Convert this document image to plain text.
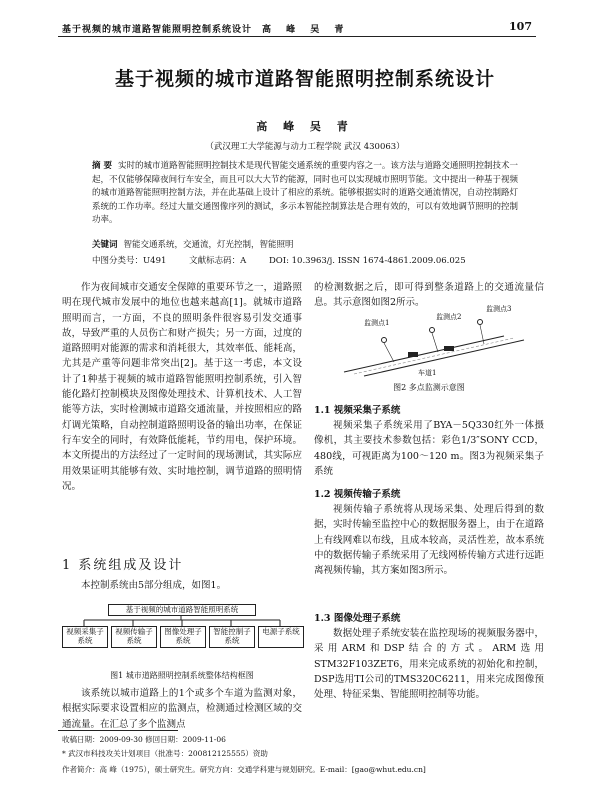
基于视频的城市道路智能照明控制系统设计 高 峰 吴 青	107
基于视频的城市道路智能照明控制系统设计
高 峰 吴 青
（武汉理工大学能源与动力工程学院 武汉 430063）
摘 要 实时的城市道路智能照明控制技术是现代智能交通系统的重要内容之一。该方法与道路交通照明控制技术一起，不仅能够保障夜间行车安全，而且可以大大节约能源，同时也可以实现城市照明节能。文中提出一种基于视频的城市道路智能照明控制方法，并在此基础上设计了相应的系统。能够根据实时的道路交通流情况，自动控制路灯系统的工作功率。经过大量交通图像序列的测试，多示本智能控制算法是合理有效的，可以有效地调节照明的控制功率。
关键词 智能交通系统，交通流，灯光控制，智能照明
中图分类号：U491	文献标志码：A	DOI: 10.3963/j. ISSN 1674-4861.2009.06.025

作为夜间城市交通安全保障的重要环节之一，道路照明在现代城市发展中的地位也越来越高[1]。就城市道路照明而言，一方面，不良的照明条件很容易引发交通事故，导致严重的人员伤亡和财产损失；另一方面，过度的道路照明对能源的需求和消耗很大，其效率低、能耗高，尤其是产重等问题非常突出[2]。基于这一考虑，本文设计了1种基于视频的城市道路智能照明控制系统，引入智能化路灯控制模块及图像处理技术、计算机技术、人工智能等方法，实时检测城市道路交通流量，并按照相应的路灯调光策略，自动控制道路照明设备的输出功率，在保证行车安全的同时，有效降低能耗，节约用电，保护环境。本文所提出的方法经过了一定时间的现场测试，其实际应用效果证明其能够有效、实时地控制，调节道路的照明情况。

1 系统组成及设计

本控制系统由5部分组成，如图1。

基于视频的城市道路智能照明系统
视频采集子系统
视频传输子系统
图像处理子系统
智能控制子系统
电源子系统
图1 城市道路照明控制系统整体结构框图

该系统以城市道路上的1个或多个车道为监测对象，根据实际要求设置相应的监测点，检测通过检测区域的交通流量。在汇总了多个监测点

的检测数据之后，即可得到整条道路上的交通流量信息。其示意图如图2所示。

监测点1
监测点2
监测点3
车道1
图2 多点监测示意图
1.1 视频采集子系统

视频采集子系统采用了BYA－5Q330红外一体摄像机，其主要技术参数包括：彩色1/3″SONY CCD，480线，可视距离为100～120 m。图3为视频采集子系统

1.2 视频传输子系统

视频传输子系统将从现场采集、处理后得到的数据，实时传输至监控中心的数据服务器上，由于在道路上有线网难以布线，且成本较高，灵活性差，故本系统中的数据传输子系统采用了无线网桥传输方式进行远距离视频传输，其方案如图3所示。

1.3 图像处理子系统

数据处理子系统安装在监控现场的视频服务器中，采用ARM和DSP结合的方式。ARM选用STM32F103ZET6，用来完成系统的初始化和控制，DSP选用TI公司的TMS320C6211，用来完成图像预处理、特征采集、智能照明控制等功能。

收稿日期：2009-09-30 修回日期：2009-11-06
* 武汉市科技攻关计划项目（批准号：200812125555）资助
作者简介：高 峰（1975），硕士研究生。研究方向：交通学科建与规划研究。E-mail：[gao@whut.edu.cn]
